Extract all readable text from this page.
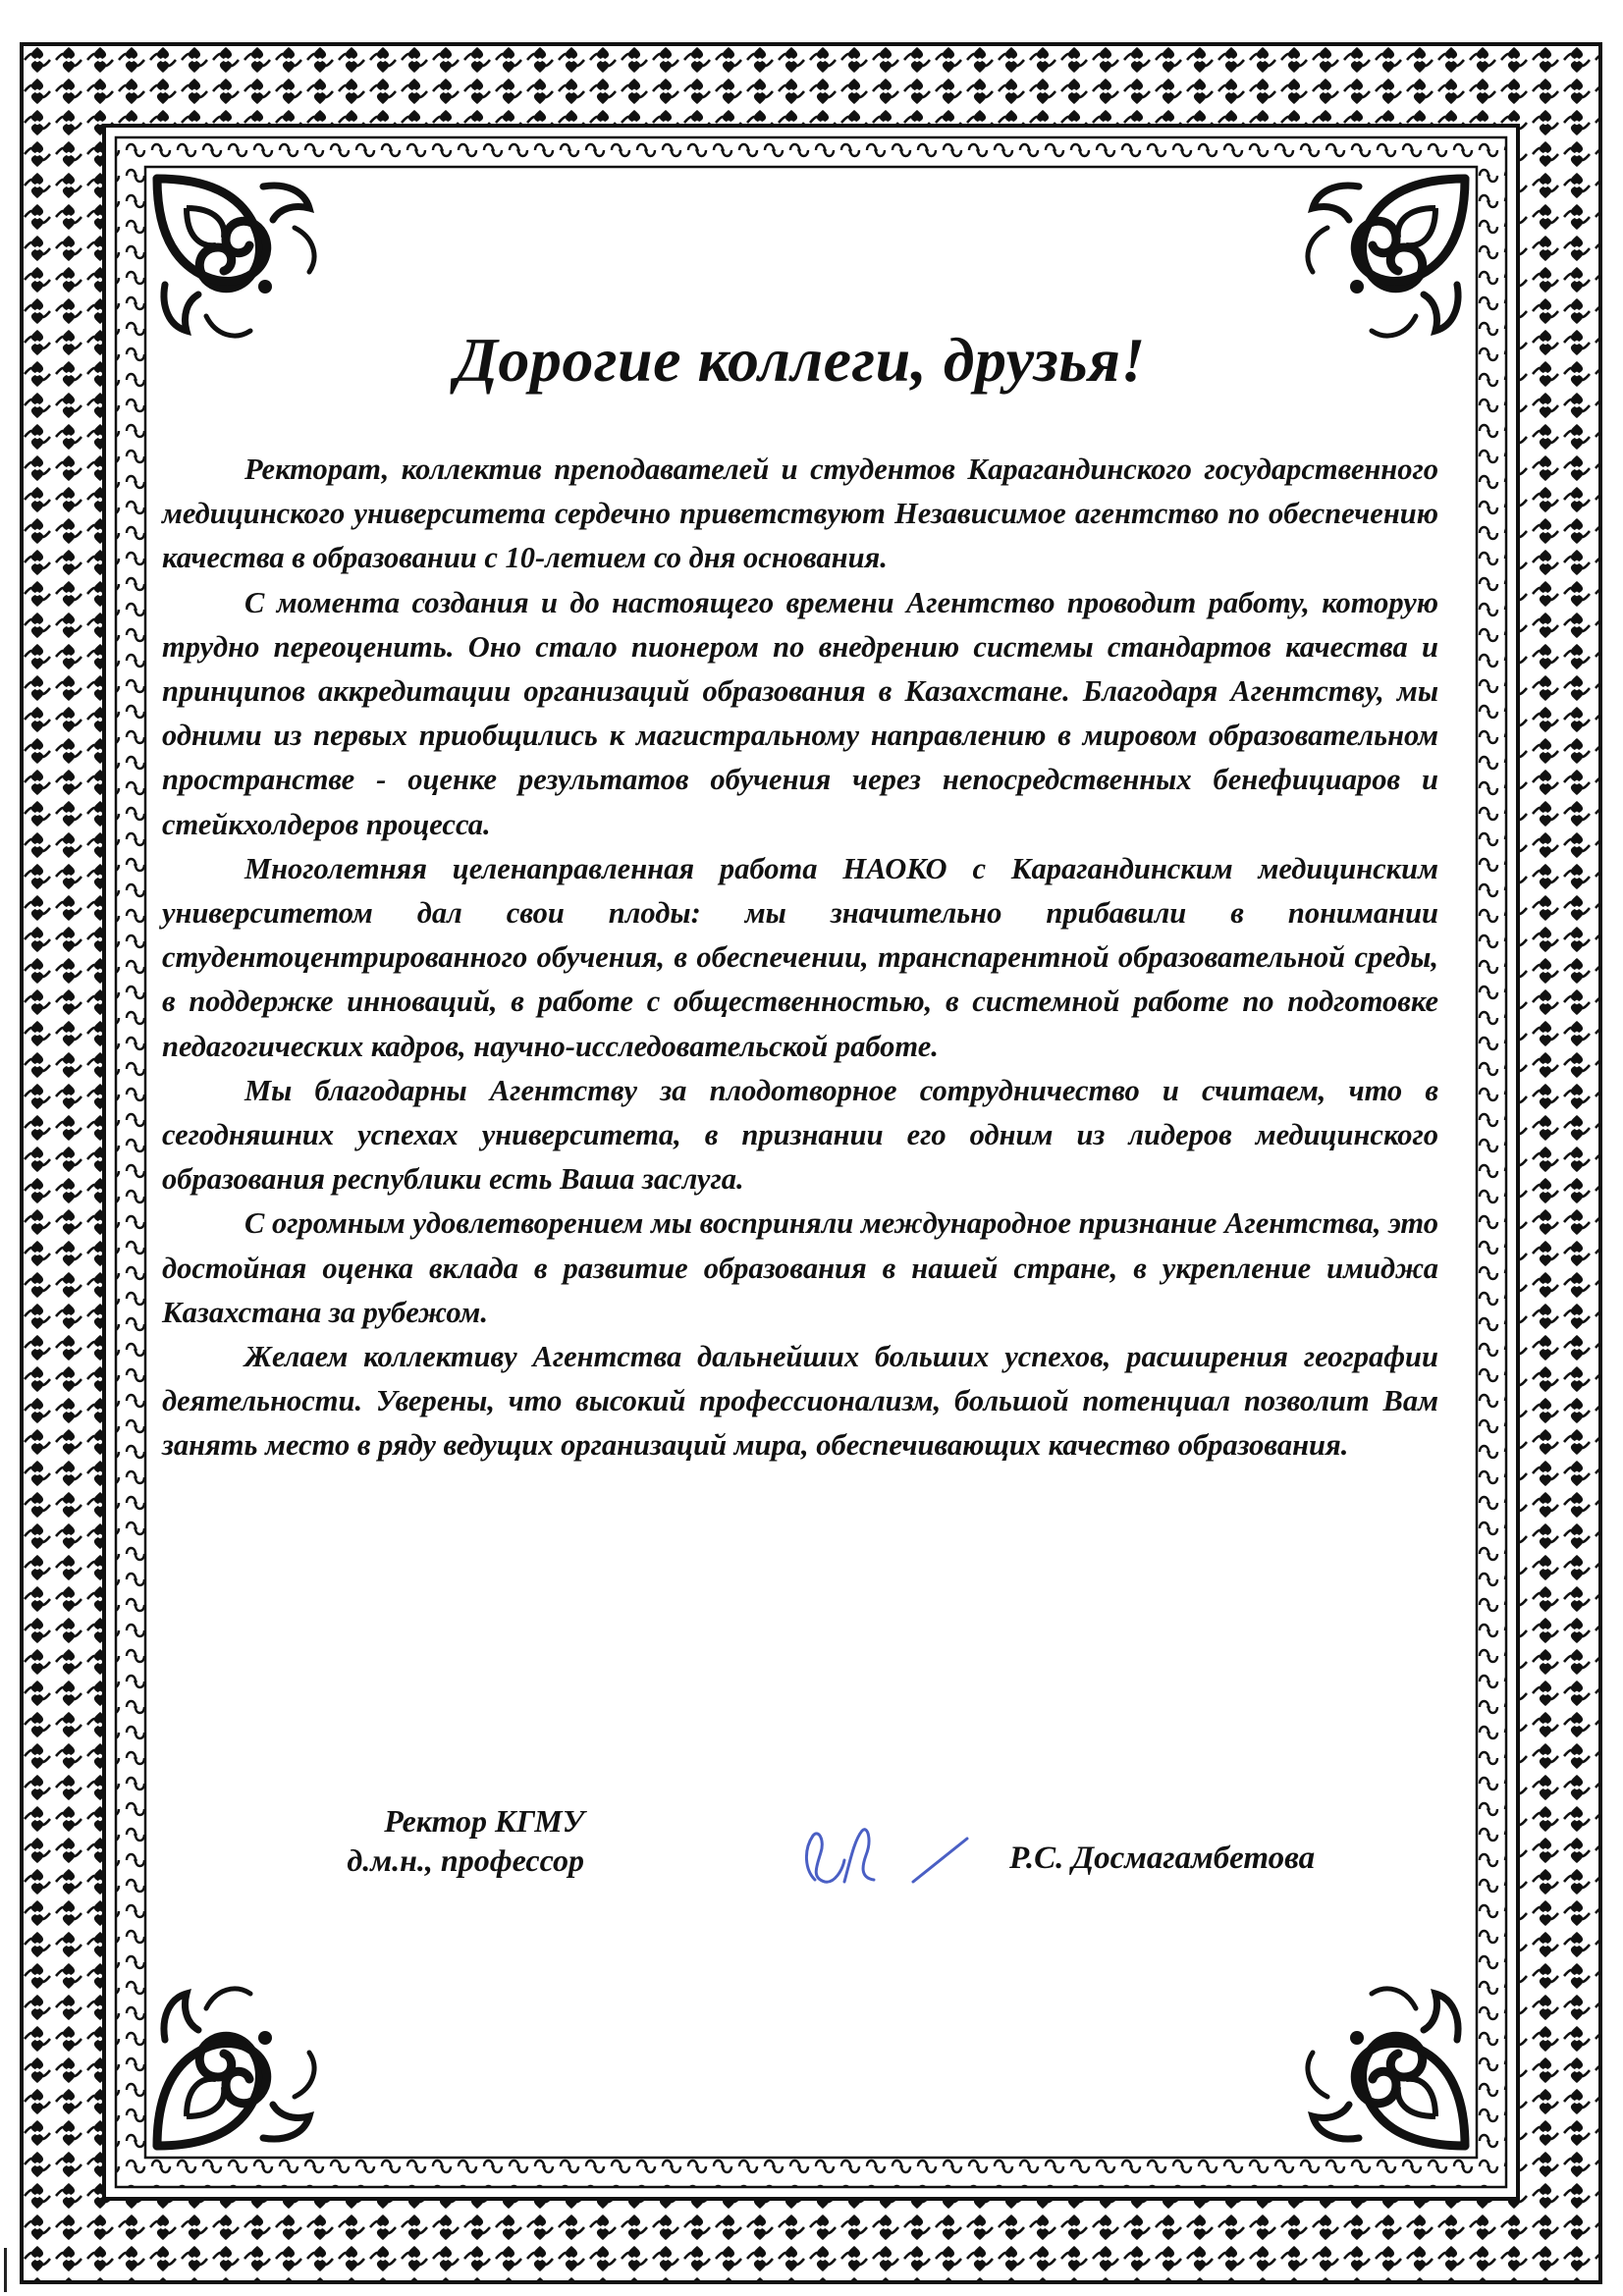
Дорогие коллеги, друзья!

Ректорат, коллектив преподавателей и студентов Карагандинского государственного медицинского университета сердечно приветствуют Независимое агентство по обеспечению качества в образовании с 10-летием со дня основания.

С момента создания и до настоящего времени Агентство проводит работу, которую трудно переоценить. Оно стало пионером по внедрению системы стандартов качества и принципов аккредитации организаций образования в Казахстане. Благодаря Агентству, мы одними из первых приобщились к магистральному направлению в мировом образовательном пространстве - оценке результатов обучения через непосредственных бенефициаров и стейкхолдеров процесса.

Многолетняя целенаправленная работа НАОКО с Карагандинским медицинским университетом дал свои плоды: мы значительно прибавили в понимании студентоцентрированного обучения, в обеспечении, транспарентной образовательной среды, в поддержке инноваций, в работе с общественностью, в системной работе по подготовке педагогических кадров, научно-исследовательской работе.

Мы благодарны Агентству за плодотворное сотрудничество и считаем, что в сегодняшних успехах университета, в признании его одним из лидеров медицинского образования республики есть Ваша заслуга.

С огромным удовлетворением мы восприняли международное признание Агентства, это достойная оценка вклада в развитие образования в нашей стране, в укрепление имиджа Казахстана за рубежом.

Желаем коллективу Агентства дальнейших больших успехов, расширения географии деятельности. Уверены, что высокий профессионализм, большой потенциал позволит Вам занять место в ряду ведущих организаций мира, обеспечивающих качество образования.

Ректор КГМУ
д.м.н., профессор	Р.С. Досмагамбетова
